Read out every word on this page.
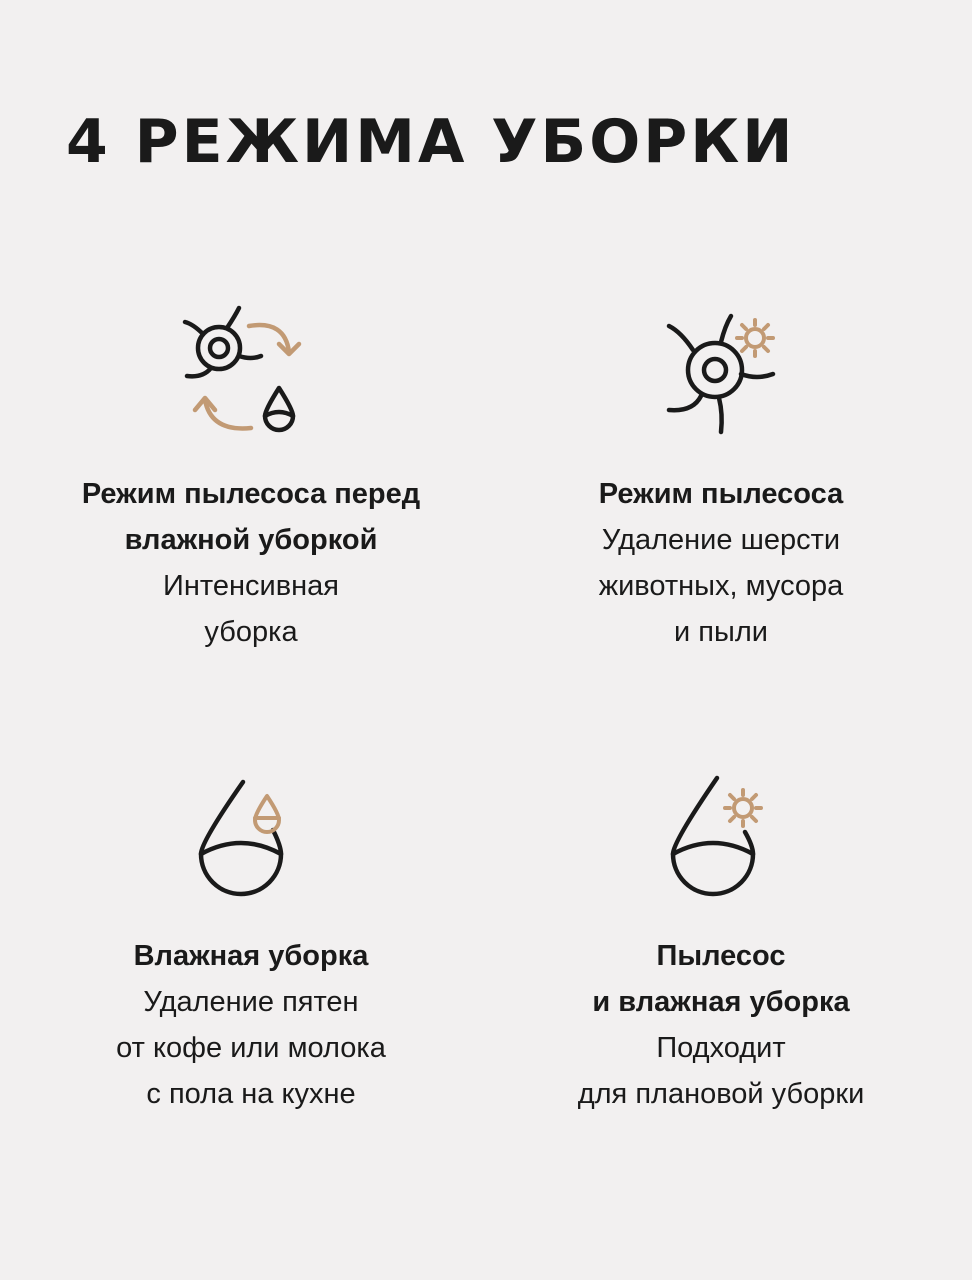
4 РЕЖИМА УБОРКИ
Режим пылесоса перед
влажной уборкой
Интенсивная
уборка
Режим пылесоса
Удаление шерсти
животных, мусора
и пыли
Влажная уборка
Удаление пятен
от кофе или молока
с пола на кухне
Пылесос
и влажная уборка
Подходит
для плановой уборки
